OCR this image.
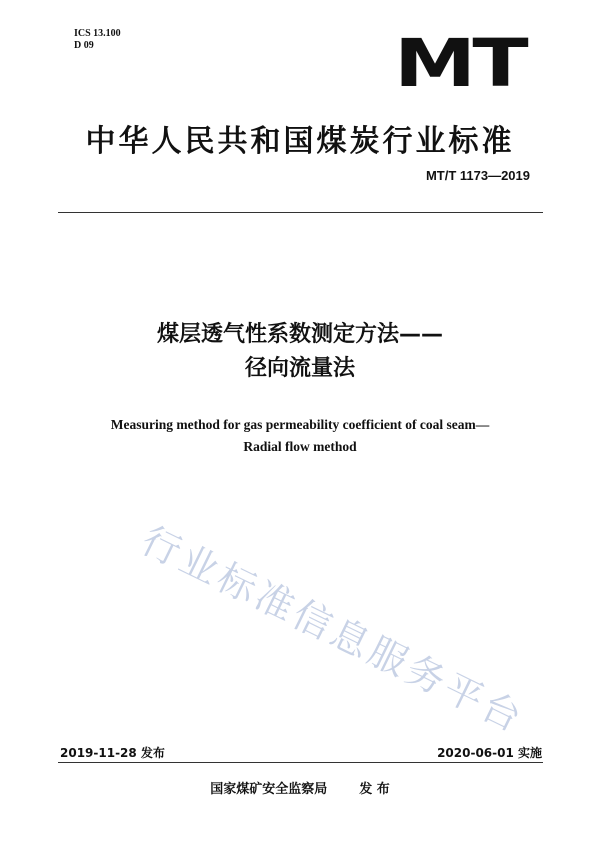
ICS 13.100
D 09	MT
中华人民共和国煤炭行业标准
MT/T 1173—2019
煤层透气性系数测定方法——
径向流量法
Measuring method for gas permeability coefficient of coal seam—
Radial flow method
行业标准信息服务平台
2019-11-28 发布	2020-06-01 实施
国家煤矿安全监察局 发 布
